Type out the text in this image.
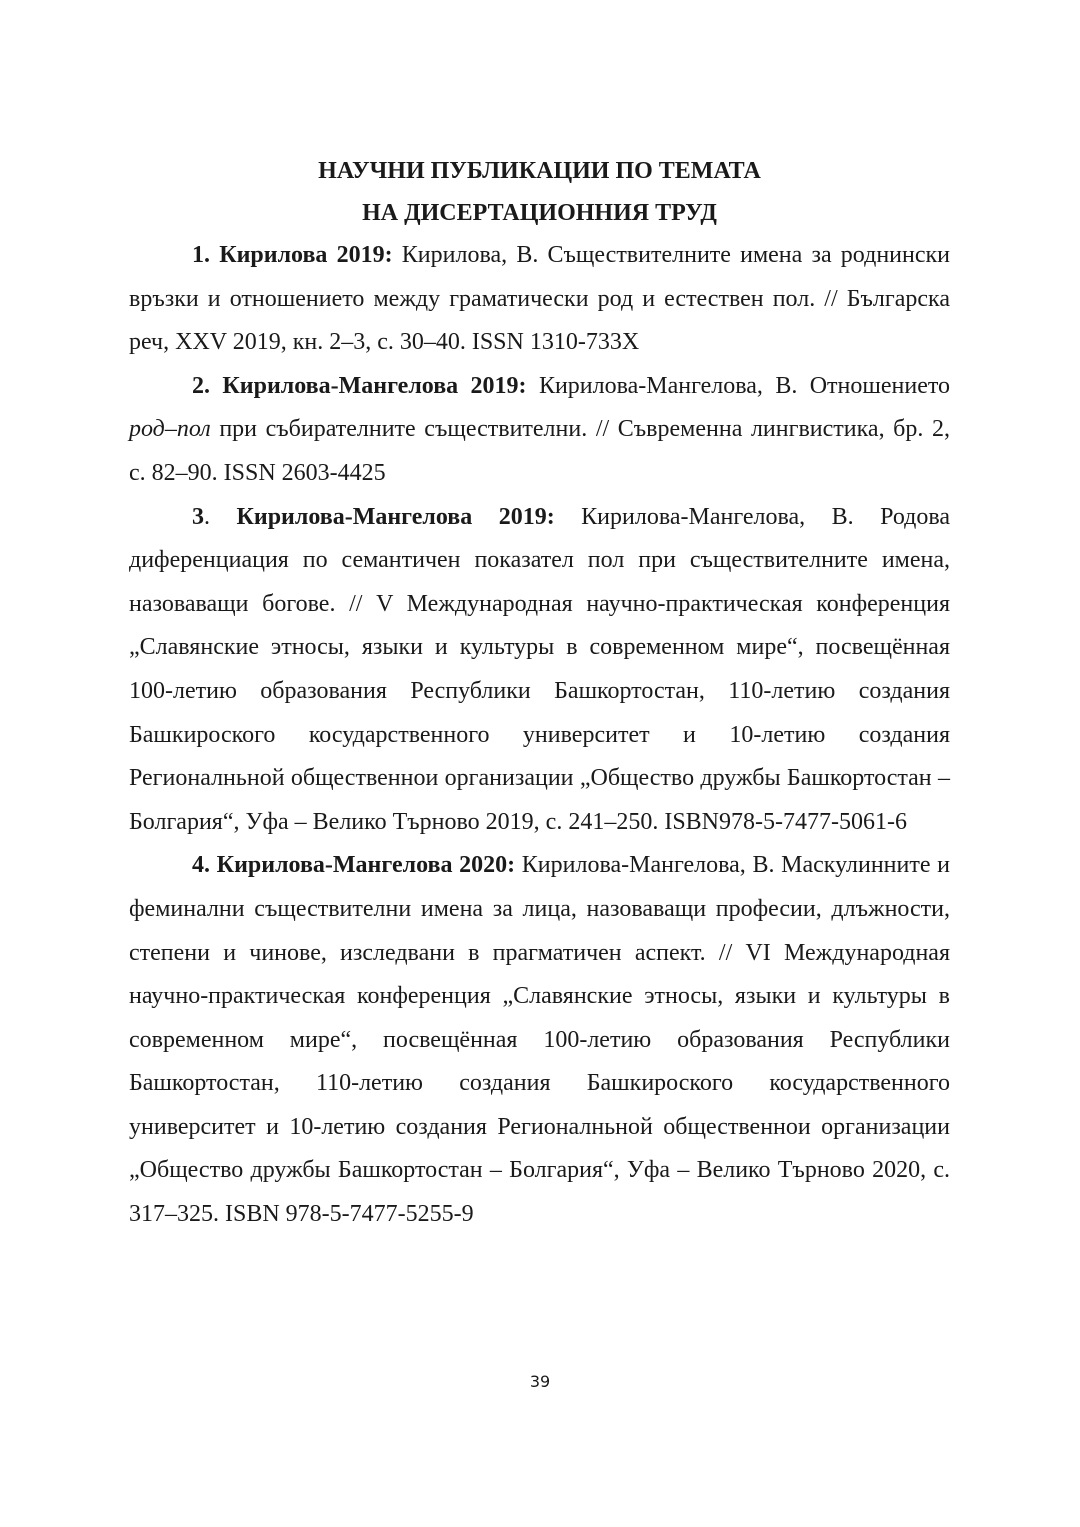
НАУЧНИ ПУБЛИКАЦИИ ПО ТЕМАТА

НА ДИСЕРТАЦИОННИЯ ТРУД

1. Кирилова 2019: Кирилова, В. Съществителните имена за роднински връзки и отношението между граматически род и естествен пол. // Българска реч, XXV 2019, кн. 2–3, с. 30–40. ISSN 1310-733X

2. Кирилова-Мангелова 2019: Кирилова-Мангелова, В. Отношението род–пол при събирателните съществителни. // Съвременна лингвистика, бр. 2, с. 82–90. ISSN 2603-4425

3. Кирилова-Мангелова 2019: Кирилова-Мангелова, В. Родова диференциация по семантичен показател пол при съществителните имена, назоваващи богове. // V Международная научно-практическая конференция „Славянские этносы, языки и культуры в современном мире“, посвещённая 100-летию образования Республики Башкортостан, 110-летию создания Башкироского косударственного университет и 10-летию создания Регионалньной общественнои организации „Общество дружбы Башкортостан – Болгария“, Уфа – Велико Търново 2019, с. 241–250. ISBN978-5-7477-5061-6

4. Кирилова-Мангелова 2020: Кирилова-Мангелова, В. Маскулинните и феминални съществителни имена за лица, назоваващи професии, длъжности, степени и чинове, изследвани в прагматичен аспект. // VI Международная научно-практическая конференция „Славянские этносы, языки и культуры в современном мире“, посвещённая 100-летию образования Республики Башкортостан, 110-летию создания Башкироского косударственного университет и 10-летию создания Регионалньной общественнои организации „Общество дружбы Башкортостан – Болгария“, Уфа – Велико Търново 2020, с. 317–325. ISBN 978-5-7477-5255-9

39
